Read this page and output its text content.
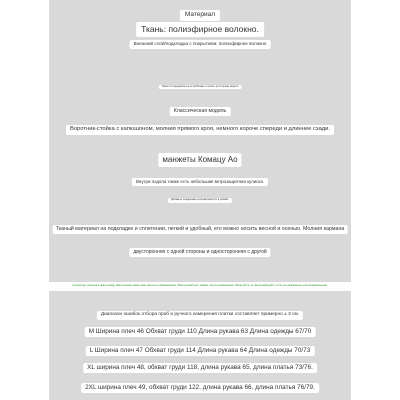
Материал
Ткань: полиэфирное волокно.
Внешний слой/подкладка с покрытием: полиэфирное волокно
Нужно ли пододвигаться на проблемы и трогать на сторонах модели
Классическая модель
Воротник-стойка с капюшоном, молния прямого кроя, немного короче спереди и длиннее сзади.
манжеты Комацу Ао
Внутри подола также есть небольшая ветрозащитная кулиска.
Добавьте подарками интерактивности в дизайн.
Тканый материал на подкладке и сплетении, легкий и удобный, его можно носить весной и осенью. Молния кармана
двусторонняя с одной стороны и односторонняя с другой
Существует разница в цвете между фактическим также само цветом и изображением. Фактический цвет товара, так на изображении. Пожалуйста, не фотографируйте, если это напряжение для неправильными.
Диапазон ошибок отбора проб и ручного измерения плитки составляет примерно ± 3 см.
M Ширина плеч 46 Обхват груди 110 Длина рукава 63 Длина одежды 67/70
L Ширина плеч 47 Обхват груди 114 Длина рукава 64 Длина одежды 70/73
XL ширина плеч 48, обхват груди 118, длина рукава 65, длина платья 73/76.
2XL ширина плеч 49, обхват груди 122, длина рукава 66, длина платья 76/79.
